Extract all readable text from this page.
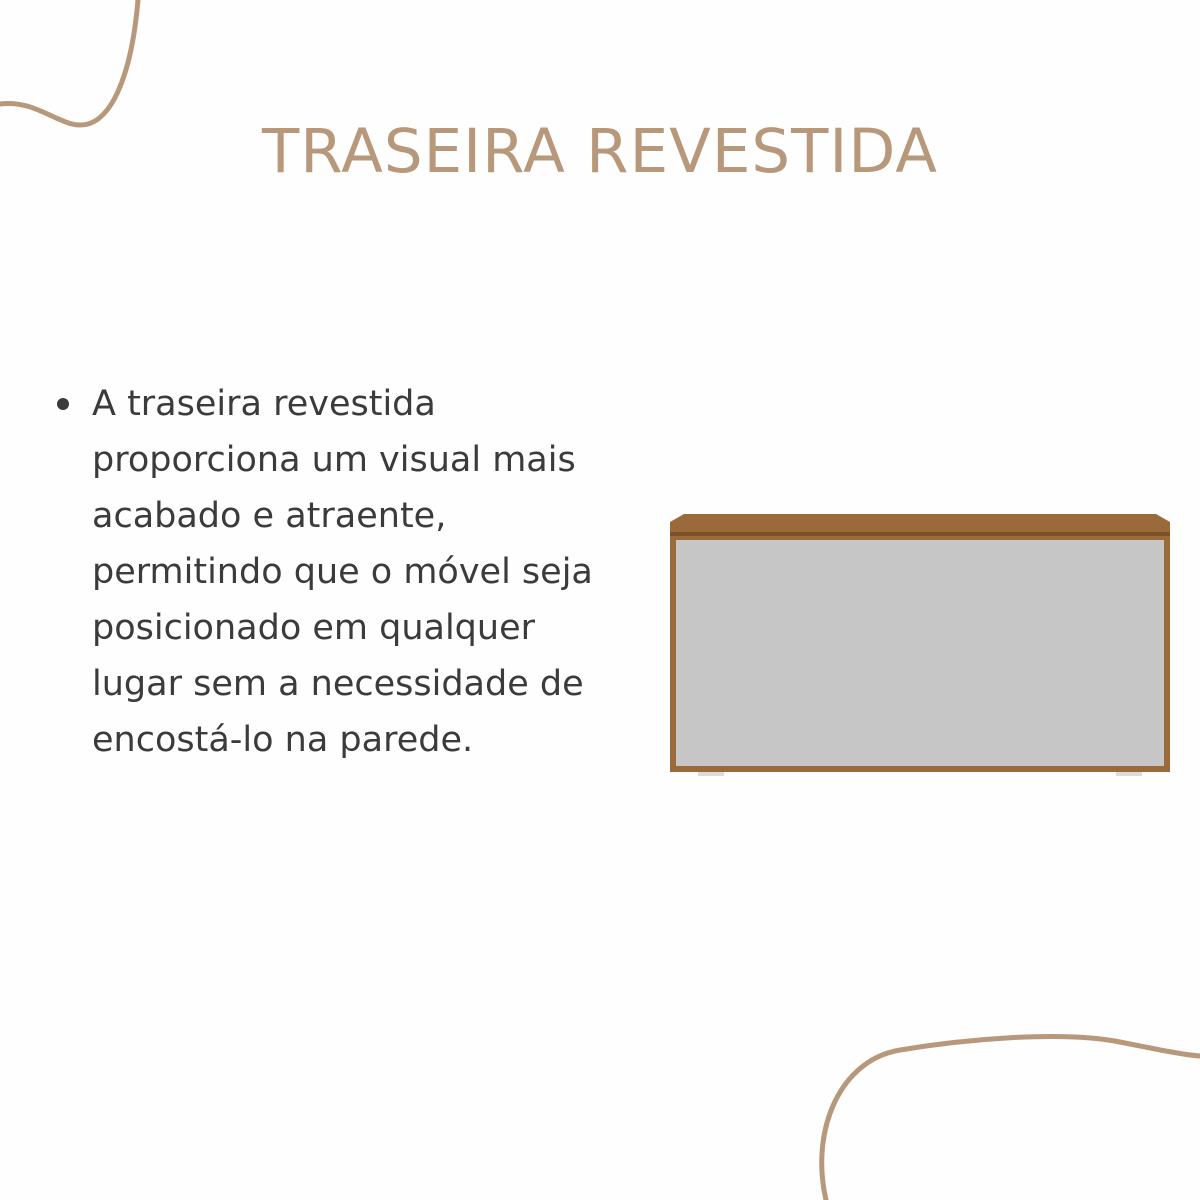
TRASEIRA REVESTIDA
A traseira revestida proporciona um visual mais acabado e atraente, permitindo que o móvel seja posicionado em qualquer lugar sem a necessidade de encostá-lo na parede.
